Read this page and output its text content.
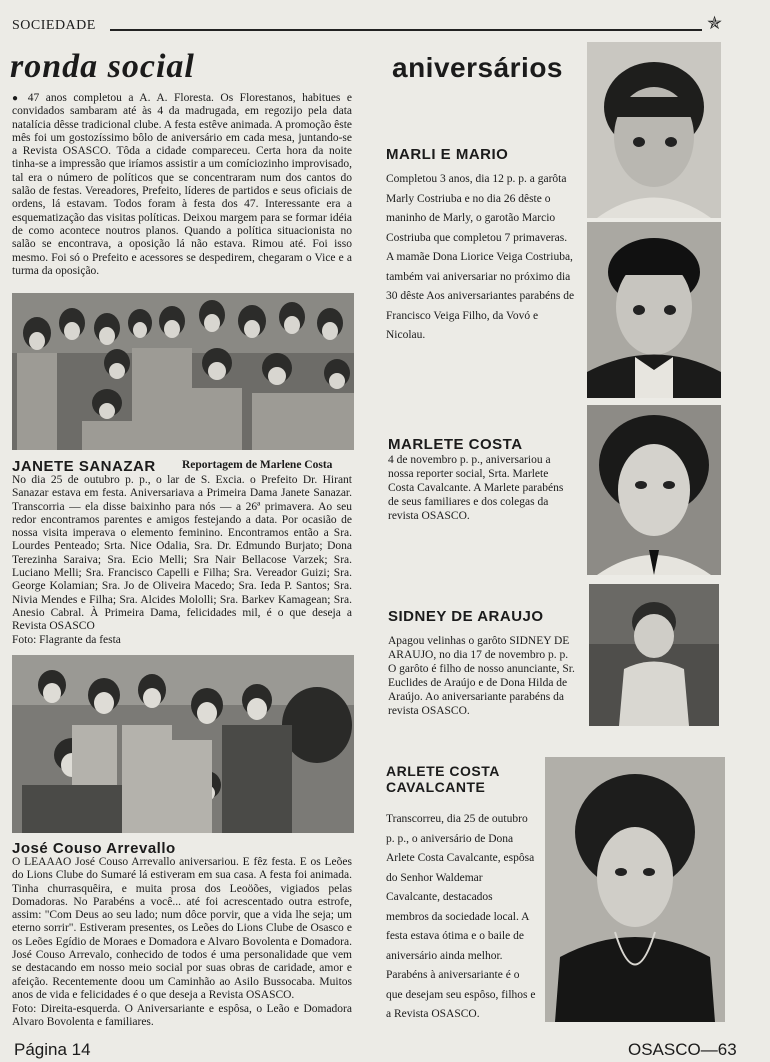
SOCIEDADE	✯
ronda social

● 47 anos completou a A. A. Floresta. Os Florestanos, habitues e convidados sambaram até às 4 da madrugada, em regozijo pela data natalícia dêsse tradicional clube. A festa estêve animada. A promoção êste mês foi um gostozíssimo bôlo de aniversário em cada mesa, juntando-se a Revista OSASCO. Tôda a cidade compareceu. Certa hora da noite tinha-se a impressão que iríamos assistir a um comíciozinho improvisado, tal era o número de políticos que se concentraram num dos cantos do salão de festas. Vereadores, Prefeito, líderes de partidos e seus oficiais de ordens, lá estavam. Todos foram à festa dos 47. Interessante era a esquematização das visitas políticas. Deixou margem para se formar idéia de como acontece noutros planos. Quando a política situacionista no salão se encontrava, a oposição lá não estava. Rimou até. Foi isso mesmo. Foi só o Prefeito e acessores se despedirem, chegaram o Vice e a turma da oposição.

JANETE SANAZAR Reportagem de Marlene Costa

No dia 25 de outubro p. p., o lar de S. Excia. o Prefeito Dr. Hirant Sanazar estava em festa. Aniversariava a Primeira Dama Janete Sanazar. Transcorria — ela disse baixinho para nós — a 26ª primavera. Ao seu redor encontramos parentes e amigos festejando a data. Por ocasião de nossa visita imperava o elemento feminino. Encontramos então a Sra. Lourdes Penteado; Srta. Nice Odalia, Sra. Dr. Edmundo Burjato; Dona Terezinha Saraiva; Sra. Ecio Melli; Sra Nair Bellacose Varzek; Sra. Luciano Melli; Sra. Francisco Capelli e Filha; Sra. Vereador Guizi; Sra. George Kolamian; Sra. Jo de Oliveira Macedo; Sra. Ieda P. Santos; Sra. Nivia Mendes e Filha; Sra. Alcides Mololli; Sra. Barkev Kamagean; Sra. Anesio Cabral. À Primeira Dama, felicidades mil, é o que deseja a Revista OSASCO

Foto: Flagrante da festa

José Couso Arrevallo

O LEAAAO José Couso Arrevallo aniversariou. E fêz festa. E os Leões do Lions Clube do Sumaré lá estiveram em sua casa. A festa foi animada. Tinha churrasquêira, e muita prosa dos Leoöões, vigiados pelas Domadoras. No Parabéns a você... até foi acrescentado outra estrofe, assim: "Com Deus ao seu lado; num dôce porvir, que a vida lhe seja; um eterno sorrir". Estiveram presentes, os Leões do Lions Clube de Osasco e os Leões Egídio de Moraes e Domadora e Alvaro Bovolenta e Domadora. José Couso Arrevalo, conhecido de todos é uma personalidade que vem se destacando em nosso meio social por suas obras de caridade, amor e afeição. Recentemente doou um Caminhão ao Asilo Bussocaba. Muitos anos de vida e felicidades é o que deseja a Revista OSASCO.

Foto: Direita-esquerda. O Aniversariante e espôsa, o Leão e Domadora Alvaro Bovolenta e familiares.

aniversários
MARLI E MARIO

Completou 3 anos, dia 12 p. p. a garôta Marly Costriuba e no dia 26 dêste o maninho de Marly, o garotão Marcio Costriuba que completou 7 primaveras. A mamãe Dona Liorice Veiga Costriuba, também vai aniversariar no próximo dia 30 dêste Aos aniversariantes parabéns de Francisco Veiga Filho, da Vovó e Nicolau.

MARLETE COSTA

4 de novembro p. p., aniversariou a nossa reporter social, Srta. Marlete Costa Cavalcante. A Marlete parabéns de seus familiares e dos colegas da revista OSASCO.

SIDNEY DE ARAUJO

Apagou velinhas o garôto SIDNEY DE ARAUJO, no dia 17 de novembro p. p. O garôto é filho de nosso anunciante, Sr. Euclides de Araújo e de Dona Hilda de Araújo. Ao aniversariante parabéns da revista OSASCO.

ARLETE COSTA
CAVALCANTE

Transcorreu, dia 25 de outubro p. p., o aniversário de Dona Arlete Costa Cavalcante, espôsa do Senhor Waldemar Cavalcante, destacados membros da sociedade local. A festa estava ótima e o baile de aniversário ainda melhor. Parabéns à aniversariante é o que desejam seu espôso, filhos e a Revista OSASCO.

Página 14	OSASCO—63
